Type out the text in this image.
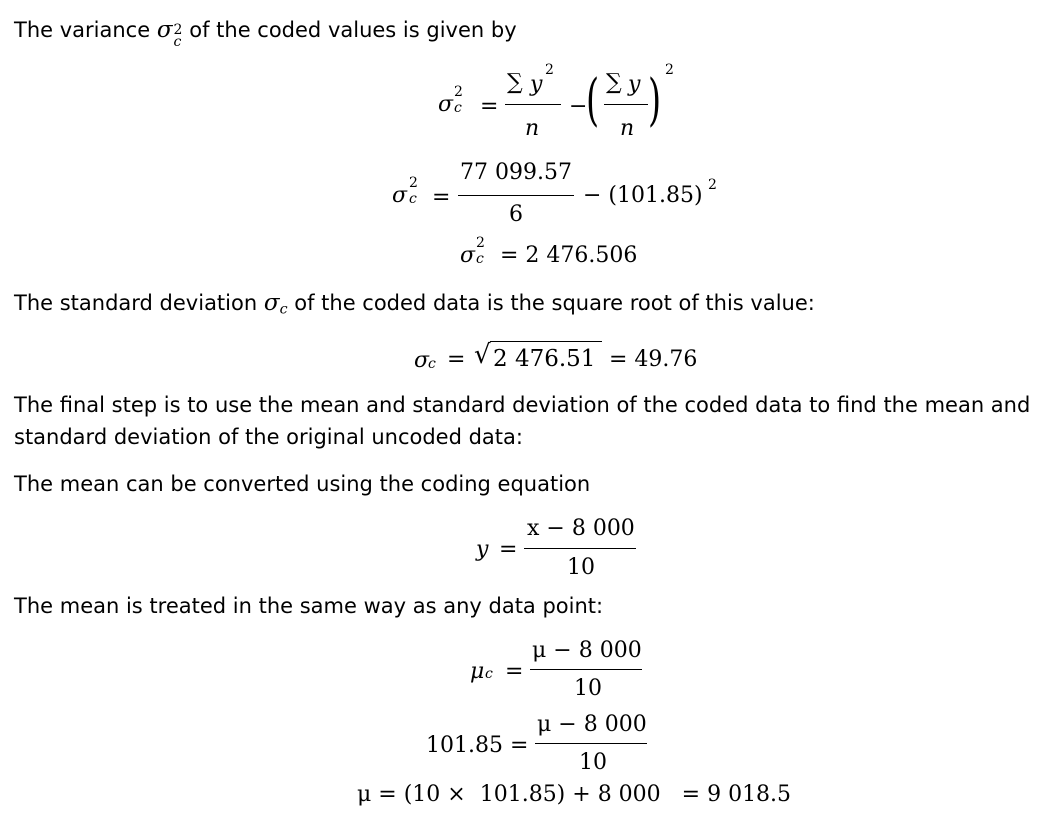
The variance σ 2
c of the coded values is given by
σ 2
c =
∑ y
2
n
−
( ∑ y
n ) 2
σ 2
c =
77 099.57
6
− (101.85) 2
σ 2
c = 2 476.506
The standard deviation $\sigma_c$ of the coded data is the square root of this value:
σ
c = √ 2 476.51 = 49.76
The final step is to use the mean and standard deviation of the coded data to find the mean and
standard deviation of the original uncoded data:
The mean can be converted using the coding equation
y =
x − 8 000
10
The mean is treated in the same way as any data point:
μ c =
μ − 8 000
10
101.85 =
μ − 8 000
10
μ = (10 ×  101.85) + 8 000   = 9 018.5
